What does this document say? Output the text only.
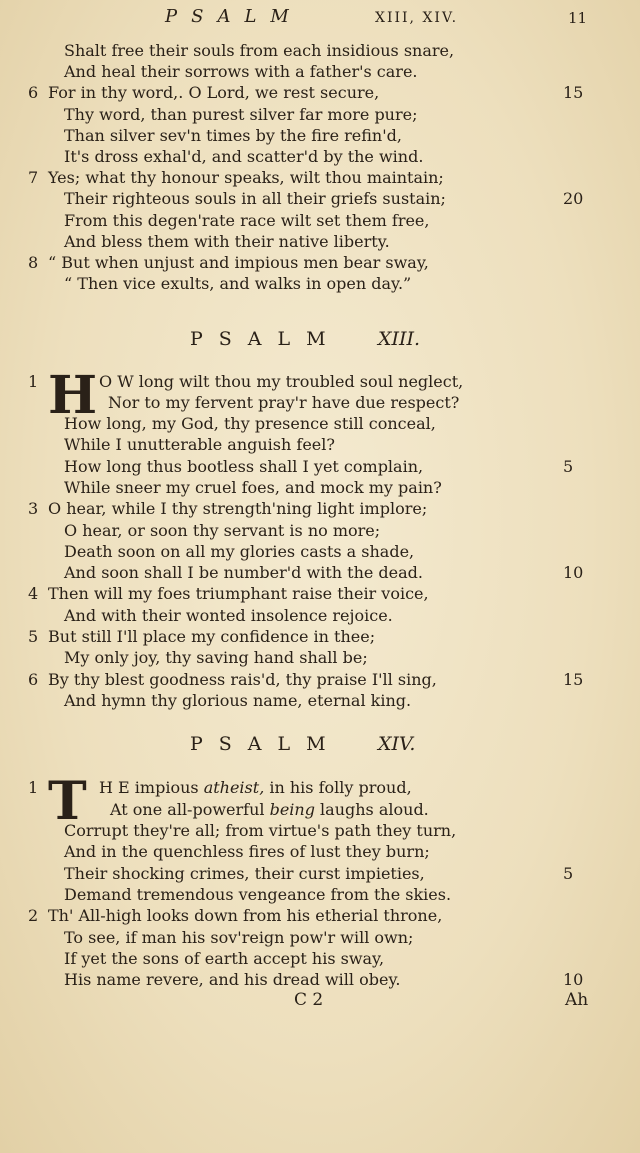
PSALM	XIII, XIV.	11
Shalt free their souls from each insidious snare,
And heal their sorrows with a father's care.
6 For in thy word,. O Lord, we rest secure,	15
Thy word, than purest silver far more pure;
Than silver sev'n times by the fire refin'd,
It's dross exhal'd, and scatter'd by the wind.
7 Yes; what thy honour speaks, wilt thou maintain;
Their righteous souls in all their griefs sustain;	20
From this degen'rate race wilt set them free,
And bless them with their native liberty.
8 “ But when unjust and impious men bear sway,
“ Then vice exults, and walks in open day.”
PSALM XIII.
1	O W long wilt thou my troubled soul neglect,
H Nor to my fervent pray'r have due respect?
How long, my God, thy presence still conceal,
While I unutterable anguish feel?
How long thus bootless shall I yet complain,	5
While sneer my cruel foes, and mock my pain?
3 O hear, while I thy strength'ning light implore;
O hear, or soon thy servant is no more;
Death soon on all my glories casts a shade,
And soon shall I be number'd with the dead.	10
4 Then will my foes triumphant raise their voice,
And with their wonted insolence rejoice.
5 But still I'll place my confidence in thee;
My only joy, thy saving hand shall be;
6 By thy blest goodness rais'd, thy praise I'll sing,	15
And hymn thy glorious name, eternal king.
PSALM XIV.
1	H E impious atheist, in his folly proud,
T At one all-powerful being laughs aloud.
Corrupt they're all; from virtue's path they turn,
And in the quenchless fires of lust they burn;
Their shocking crimes, their curst impieties,	5
Demand tremendous vengeance from the skies.
2 Th' All-high looks down from his etherial throne,
To see, if man his sov'reign pow'r will own;
If yet the sons of earth accept his sway,
His name revere, and his dread will obey.	10
C 2	Ah
